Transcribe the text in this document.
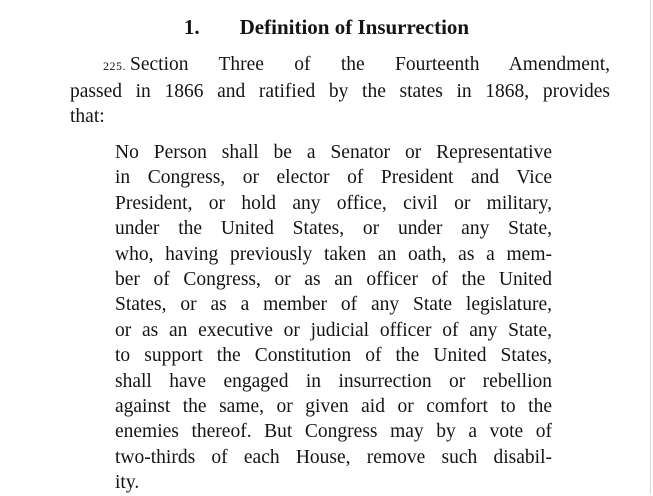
1. Definition of Insurrection
225. Section Three of the Fourteenth Amendment,
passed in 1866 and ratified by the states in 1868, provides
that:
No Person shall be a Senator or Representative
in Congress, or elector of President and Vice
President, or hold any office, civil or military,
under the United States, or under any State,
who, having previously taken an oath, as a mem-
ber of Congress, or as an officer of the United
States, or as a member of any State legislature,
or as an executive or judicial officer of any State,
to support the Constitution of the United States,
shall have engaged in insurrection or rebellion
against the same, or given aid or comfort to the
enemies thereof. But Congress may by a vote of
two-thirds of each House, remove such disabil-
ity.
